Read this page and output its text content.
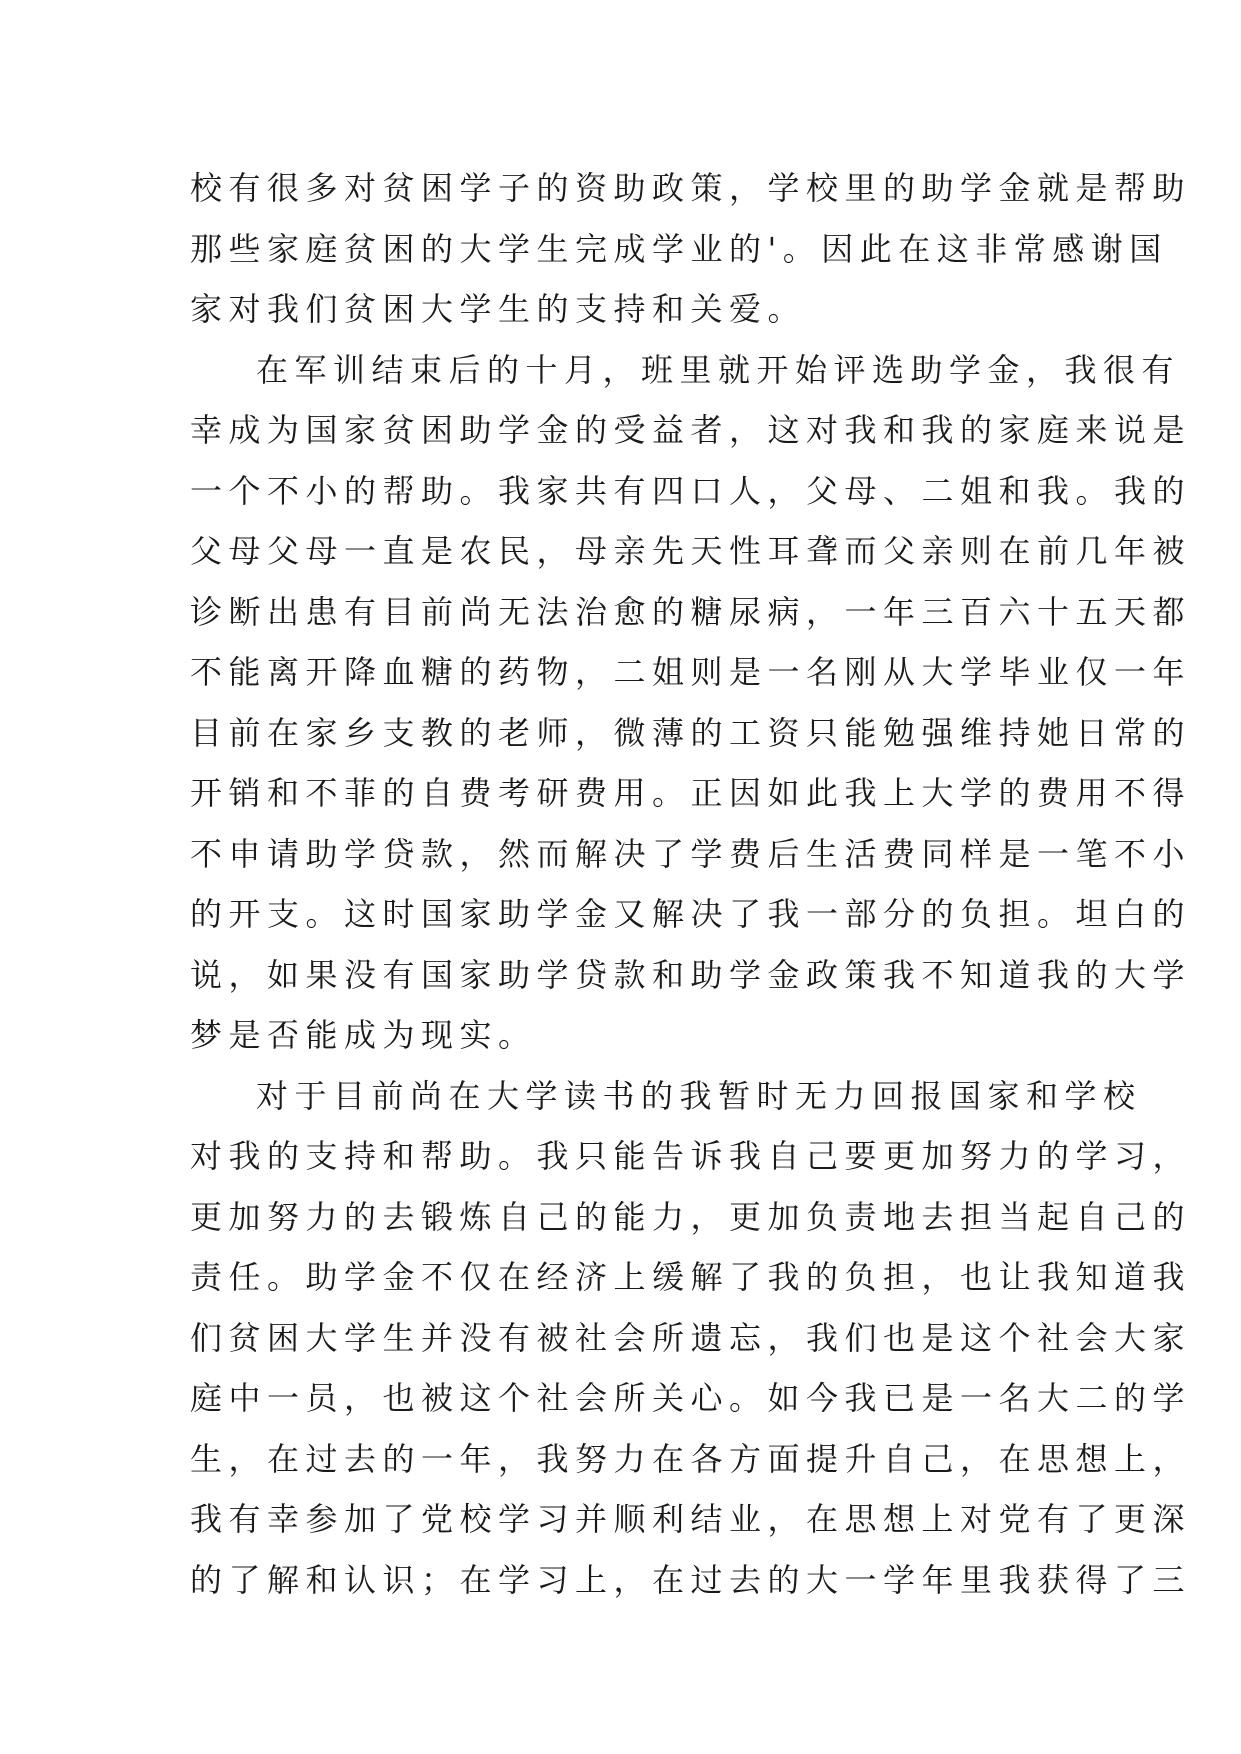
校有很多对贫困学子的资助政策，学校里的助学金就是帮助
那些家庭贫困的大学生完成学业的'。因此在这非常感谢国
家对我们贫困大学生的支持和关爱。
在军训结束后的十月，班里就开始评选助学金，我很有
幸成为国家贫困助学金的受益者，这对我和我的家庭来说是
一个不小的帮助。我家共有四口人，父母、二姐和我。我的
父母父母一直是农民，母亲先天性耳聋而父亲则在前几年被
诊断出患有目前尚无法治愈的糖尿病，一年三百六十五天都
不能离开降血糖的药物，二姐则是一名刚从大学毕业仅一年
目前在家乡支教的老师，微薄的工资只能勉强维持她日常的
开销和不菲的自费考研费用。正因如此我上大学的费用不得
不申请助学贷款，然而解决了学费后生活费同样是一笔不小
的开支。这时国家助学金又解决了我一部分的负担。坦白的
说，如果没有国家助学贷款和助学金政策我不知道我的大学
梦是否能成为现实。
对于目前尚在大学读书的我暂时无力回报国家和学校
对我的支持和帮助。我只能告诉我自己要更加努力的学习，
更加努力的去锻炼自己的能力，更加负责地去担当起自己的
责任。助学金不仅在经济上缓解了我的负担，也让我知道我
们贫困大学生并没有被社会所遗忘，我们也是这个社会大家
庭中一员，也被这个社会所关心。如今我已是一名大二的学
生，在过去的一年，我努力在各方面提升自己，在思想上，
我有幸参加了党校学习并顺利结业，在思想上对党有了更深
的了解和认识；在学习上，在过去的大一学年里我获得了三
